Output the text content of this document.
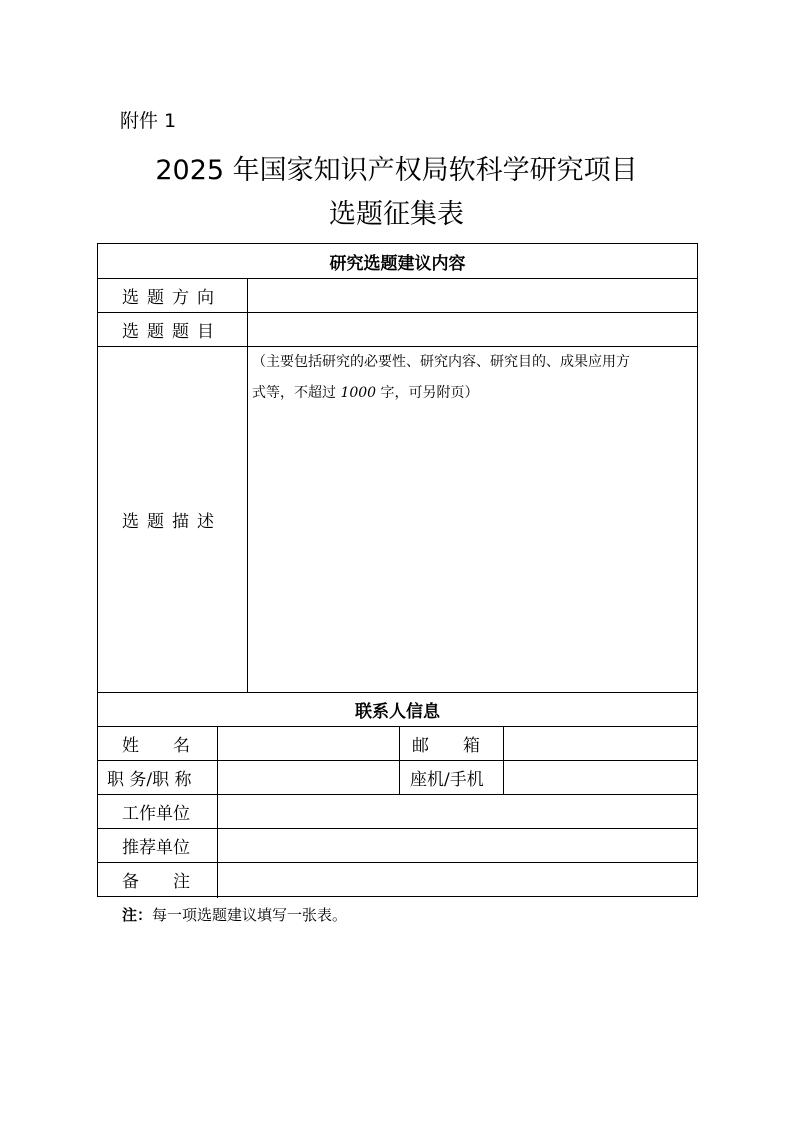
附件 1
2025 年国家知识产权局软科学研究项目
选题征集表
研究选题建议内容
选题方向
选题题目
选题描述
联系人信息
姓名	邮箱
职 务/职 称	座机/手机
工作单位
推荐单位
备注
（主要包括研究的必要性、研究内容、研究目的、成果应用方
式等，不超过 1000 字，可另附页）
注：每一项选题建议填写一张表。
